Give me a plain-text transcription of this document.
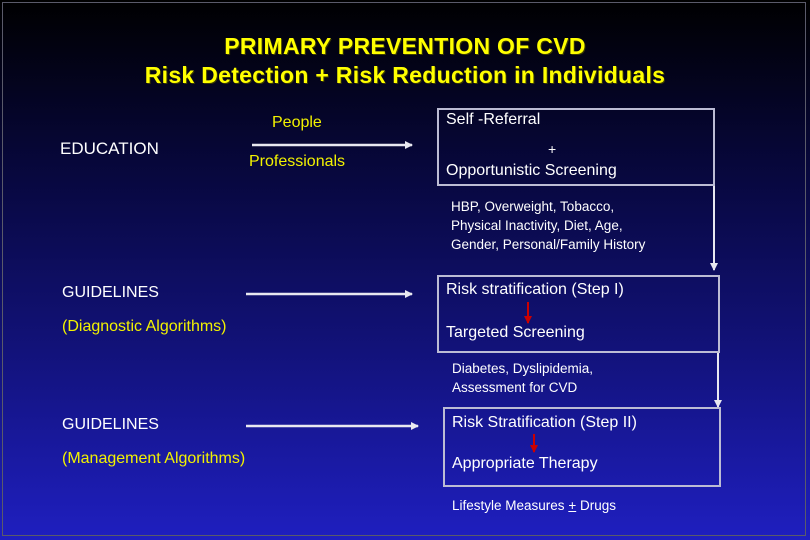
PRIMARY PREVENTION OF CVD
Risk Detection + Risk Reduction in Individuals
EDUCATION
People
Professionals
Self -Referral
+
Opportunistic Screening
HBP, Overweight, Tobacco,
Physical Inactivity, Diet, Age,
Gender, Personal/Family History
GUIDELINES
(Diagnostic Algorithms)
Risk stratification (Step I)
Targeted Screening
Diabetes, Dyslipidemia,
Assessment for CVD
GUIDELINES
(Management Algorithms)
Risk Stratification (Step II)
Appropriate Therapy
Lifestyle Measures + Drugs
